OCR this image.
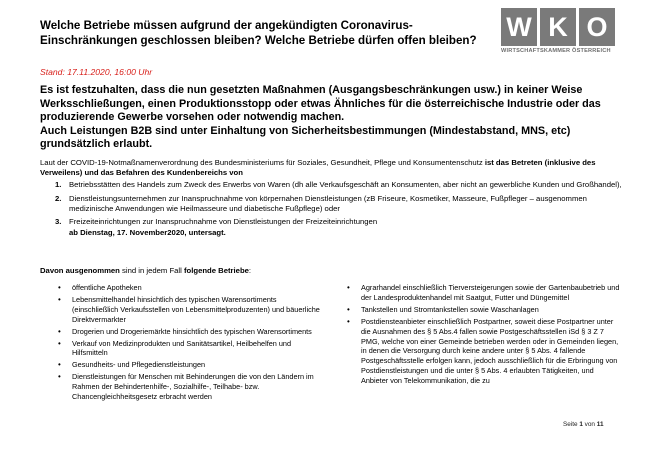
Welche Betriebe müssen aufgrund der angekündigten Coronavirus-Einschränkungen geschlossen bleiben? Welche Betriebe dürfen offen bleiben? W K O
WIRTSCHAFTSKAMMER ÖSTERREICH
Stand: 17.11.2020, 16:00 Uhr
Es ist festzuhalten, dass die nun gesetzten Maßnahmen (Ausgangsbeschränkungen usw.) in keiner Weise Werksschließungen, einen Produktionsstopp oder etwas Ähnliches für die österreichische Industrie oder das produzierende Gewerbe vorsehen oder notwendig machen.
Auch Leistungen B2B sind unter Einhaltung von Sicherheitsbestimmungen (Mindestabstand, MNS, etc) grundsätzlich erlaubt.
Laut der COVID-19-Notmaßnamenverordnung des Bundesministeriums für Soziales, Gesundheit, Pflege und Konsumentenschutz ist das Betreten (inklusive des Verweilens) und das Befahren des Kundenbereichs von
1. Betriebsstätten des Handels zum Zweck des Erwerbs von Waren (dh alle Verkaufsgeschäft an Konsumenten, aber nicht an gewerbliche Kunden und Großhandel),
2. Dienstleistungsunternehmen zur Inanspruchnahme von körpernahen Dienstleistungen (zB Friseure, Kosmetiker, Masseure, Fußpfleger – ausgenommen medizinische Anwendungen wie Heilmasseure und diabetische Fußpflege) oder
3. Freizeiteinrichtungen zur Inanspruchnahme von Dienstleistungen der Freizeiteinrichtungen
ab Dienstag, 17. November2020, untersagt.
Davon ausgenommen sind in jedem Fall folgende Betriebe:
•	öffentliche Apotheken
•	Lebensmittelhandel hinsichtlich des typischen Warensortiments (einschließlich Verkaufsstellen von Lebensmittelproduzenten) und bäuerliche Direktvermarkter
•	Drogerien und Drogeriemärkte hinsichtlich des typischen Warensortiments
•	Verkauf von Medizinprodukten und Sanitätsartikel, Heilbehelfen und Hilfsmitteln
•	Gesundheits- und Pflegedienstleistungen
•	Dienstleistungen für Menschen mit Behinderungen die von den Ländern im Rahmen der Behindertenhilfe-, Sozialhilfe-, Teilhabe- bzw. Chancengleichheitsgesetz erbracht werden
•	Agrarhandel einschließlich Tierversteigerungen sowie der Gartenbaubetrieb und der Landesproduktenhandel mit Saatgut, Futter und Düngemittel
•	Tankstellen und Stromtankstellen sowie Waschanlagen
•	Postdiensteanbieter einschließlich Postpartner, soweit diese Postpartner unter die Ausnahmen des § 5 Abs.4 fallen sowie Postgeschäftsstellen iSd § 3 Z 7 PMG, welche von einer Gemeinde betrieben werden oder in Gemeinden liegen, in denen die Versorgung durch keine andere unter § 5 Abs. 4 fallende Postgeschäftsstelle erfolgen kann, jedoch ausschließlich für die Erbringung von Postdienstleistungen und die unter § 5 Abs. 4 erlaubten Tätigkeiten, und Anbieter von Telekommunikation, die zu
Seite 1 von 11
